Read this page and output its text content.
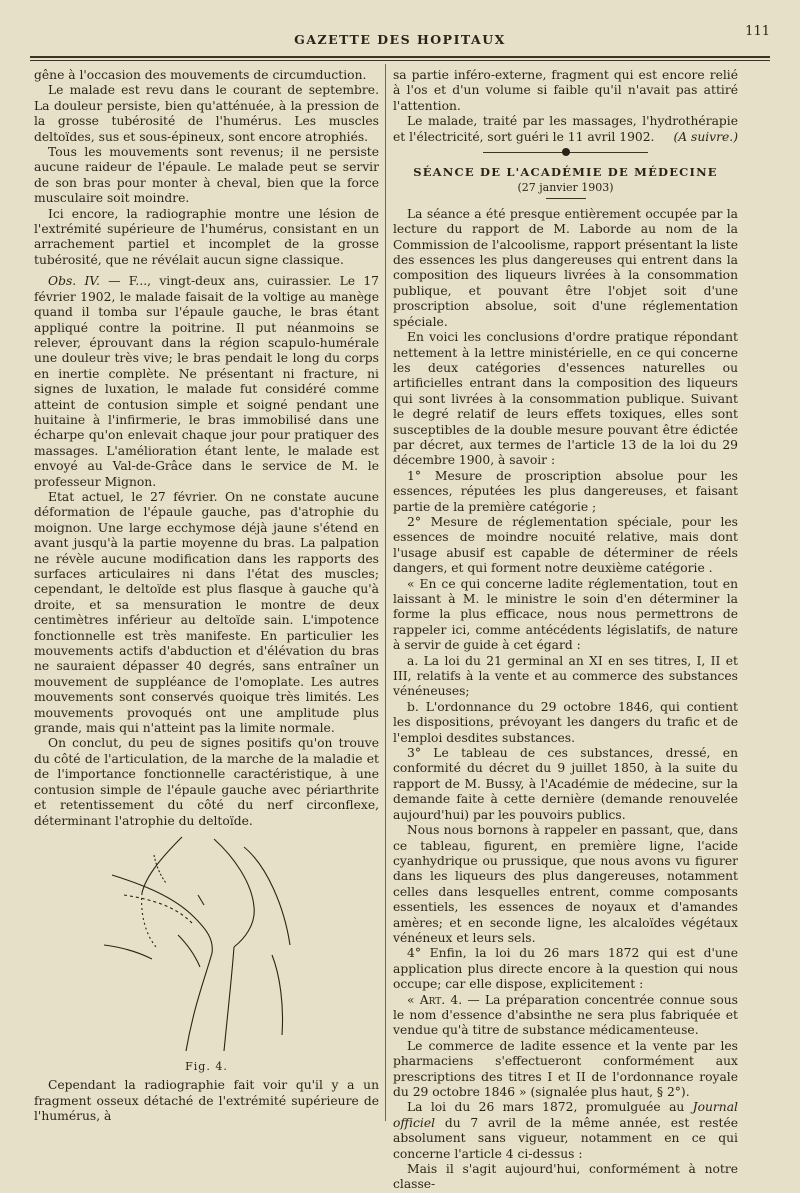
GAZETTE DES HOPITAUX
111

gêne à l'occasion des mouvements de circumduction.

Le malade est revu dans le courant de septembre. La douleur persiste, bien qu'atténuée, à la pression de la grosse tubérosité de l'humérus. Les muscles deltoïdes, sus et sous-épineux, sont encore atrophiés.

Tous les mouvements sont revenus; il ne persiste aucune raideur de l'épaule. Le malade peut se servir de son bras pour monter à cheval, bien que la force musculaire soit moindre.

Ici encore, la radiographie montre une lésion de l'extrémité supérieure de l'humérus, consistant en un arrachement partiel et incomplet de la grosse tubérosité, que ne révélait aucun signe classique.

Obs. IV. — F..., vingt-deux ans, cuirassier. Le 17 février 1902, le malade faisait de la voltige au manège quand il tomba sur l'épaule gauche, le bras étant appliqué contre la poitrine. Il put néanmoins se relever, éprouvant dans la région scapulo-humérale une douleur très vive; le bras pendait le long du corps en inertie complète. Ne présentant ni fracture, ni signes de luxation, le malade fut considéré comme atteint de contusion simple et soigné pendant une huitaine à l'infirmerie, le bras immobilisé dans une écharpe qu'on enlevait chaque jour pour pratiquer des massages. L'amélioration étant lente, le malade est envoyé au Val-de-Grâce dans le service de M. le professeur Mignon.

Etat actuel, le 27 février. On ne constate aucune déformation de l'épaule gauche, pas d'atrophie du moignon. Une large ecchymose déjà jaune s'étend en avant jusqu'à la partie moyenne du bras. La palpation ne révèle aucune modification dans les rapports des surfaces articulaires ni dans l'état des muscles; cependant, le deltoïde est plus flasque à gauche qu'à droite, et sa mensuration le montre de deux centimètres inférieur au deltoïde sain. L'impotence fonctionnelle est très manifeste. En particulier les mouvements actifs d'abduction et d'élévation du bras ne sauraient dépasser 40 degrés, sans entraîner un mouvement de suppléance de l'omoplate. Les autres mouvements sont conservés quoique très limités. Les mouvements provoqués ont une amplitude plus grande, mais qui n'atteint pas la limite normale.

On conclut, du peu de signes positifs qu'on trouve du côté de l'articulation, de la marche de la maladie et de l'importance fonctionnelle caractéristique, à une contusion simple de l'épaule gauche avec périarthrite et retentissement du côté du nerf circonflexe, déterminant l'atrophie du deltoïde.

Fig. 4.

Cependant la radiographie fait voir qu'il y a un fragment osseux détaché de l'extrémité supérieure de l'humérus, à

sa partie inféro-externe, fragment qui est encore relié à l'os et d'un volume si faible qu'il n'avait pas attiré l'attention.

Le malade, traité par les massages, l'hydrothérapie et l'électricité, sort guéri le 11 avril 1902.	(A suivre.)

SÉANCE DE L'ACADÉMIE DE MÉDECINE

(27 janvier 1903)

La séance a été presque entièrement occupée par la lecture du rapport de M. Laborde au nom de la Commission de l'alcoolisme, rapport présentant la liste des essences les plus dangereuses qui entrent dans la composition des liqueurs livrées à la consommation publique, et pouvant être l'objet soit d'une proscription absolue, soit d'une réglementation spéciale.

En voici les conclusions d'ordre pratique répondant nettement à la lettre ministérielle, en ce qui concerne les deux catégories d'essences naturelles ou artificielles entrant dans la composition des liqueurs qui sont livrées à la consommation publique. Suivant le degré relatif de leurs effets toxiques, elles sont susceptibles de la double mesure pouvant être édictée par décret, aux termes de l'article 13 de la loi du 29 décembre 1900, à savoir :

1° Mesure de proscription absolue pour les essences, réputées les plus dangereuses, et faisant partie de la première catégorie ;

2° Mesure de réglementation spéciale, pour les essences de moindre nocuité relative, mais dont l'usage abusif est capable de déterminer de réels dangers, et qui forment notre deuxième catégorie .

« En ce qui concerne ladite réglementation, tout en laissant à M. le ministre le soin d'en déterminer la forme la plus efficace, nous nous permettrons de rappeler ici, comme antécédents législatifs, de nature à servir de guide à cet égard :

a. La loi du 21 germinal an XI en ses titres, I, II et III, relatifs à la vente et au commerce des substances vénéneuses;

b. L'ordonnance du 29 octobre 1846, qui contient les dispositions, prévoyant les dangers du trafic et de l'emploi desdites substances.

3° Le tableau de ces substances, dressé, en conformité du décret du 9 juillet 1850, à la suite du rapport de M. Bussy, à l'Académie de médecine, sur la demande faite à cette dernière (demande renouvelée aujourd'hui) par les pouvoirs publics.

Nous nous bornons à rappeler en passant, que, dans ce tableau, figurent, en première ligne, l'acide cyanhydrique ou prussique, que nous avons vu figurer dans les liqueurs des plus dangereuses, notamment celles dans lesquelles entrent, comme composants essentiels, les essences de noyaux et d'amandes amères; et en seconde ligne, les alcaloïdes végétaux vénéneux et leurs sels.

4° Enfin, la loi du 26 mars 1872 qui est d'une application plus directe encore à la question qui nous occupe; car elle dispose, explicitement :

« Art. 4. — La préparation concentrée connue sous le nom d'essence d'absinthe ne sera plus fabriquée et vendue qu'à titre de substance médicamenteuse.

Le commerce de ladite essence et la vente par les pharmaciens s'effectueront conformément aux prescriptions des titres I et II de l'ordonnance royale du 29 octobre 1846 » (signalée plus haut, § 2°).

La loi du 26 mars 1872, promulguée au Journal officiel du 7 avril de la même année, est restée absolument sans vigueur, notamment en ce qui concerne l'article 4 ci-dessus :

Mais il s'agit aujourd'hui, conformément à notre classe-
